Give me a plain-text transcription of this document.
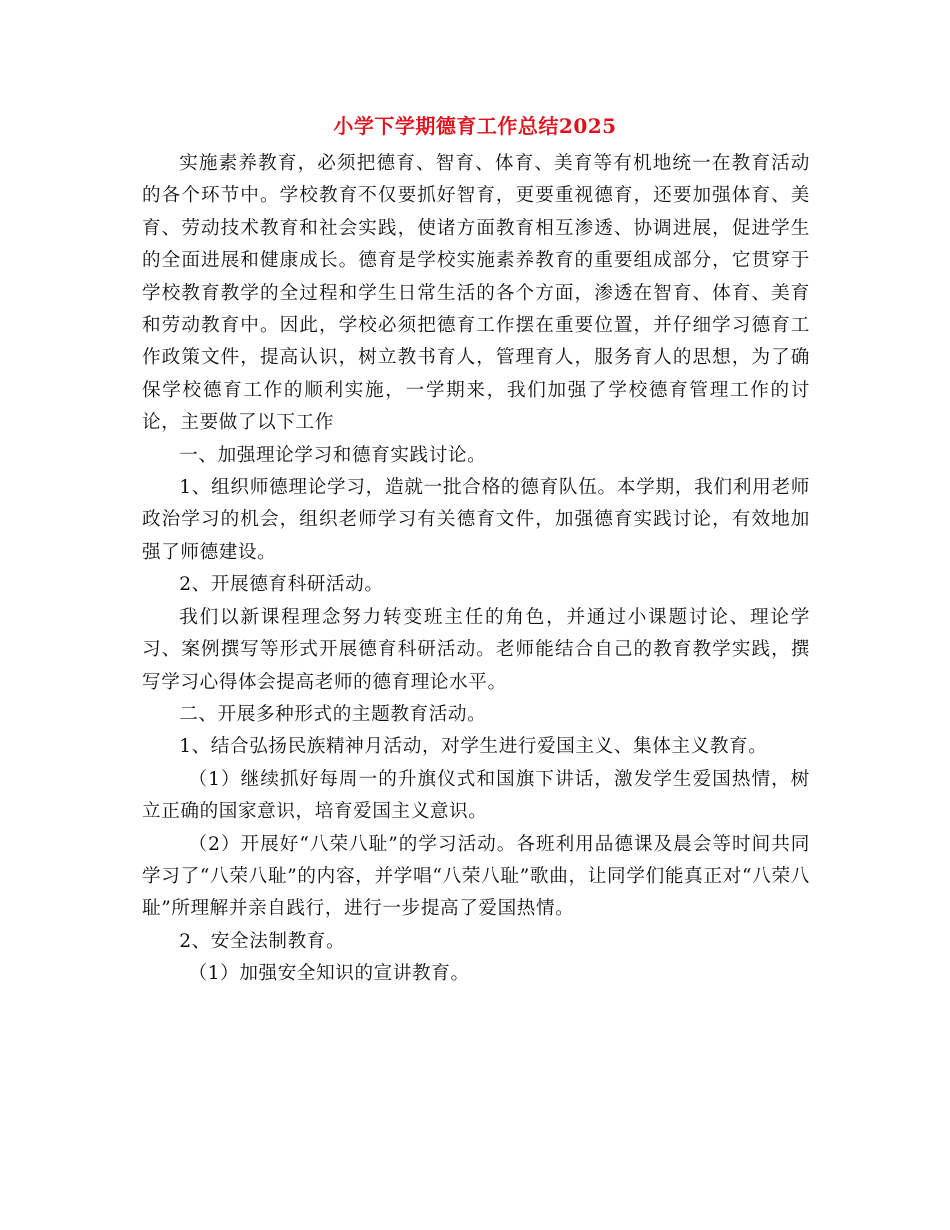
小学下学期德育工作总结2025

实施素养教育，必须把德育、智育、体育、美育等有机地统一在教育活动的各个环节中。学校教育不仅要抓好智育，更要重视德育，还要加强体育、美育、劳动技术教育和社会实践，使诸方面教育相互渗透、协调进展，促进学生的全面进展和健康成长。德育是学校实施素养教育的重要组成部分，它贯穿于学校教育教学的全过程和学生日常生活的各个方面，渗透在智育、体育、美育和劳动教育中。因此，学校必须把德育工作摆在重要位置，并仔细学习德育工作政策文件，提高认识，树立教书育人，管理育人，服务育人的思想，为了确保学校德育工作的顺利实施，一学期来，我们加强了学校德育管理工作的讨论，主要做了以下工作

一、加强理论学习和德育实践讨论。

1、组织师德理论学习，造就一批合格的德育队伍。本学期，我们利用老师政治学习的机会，组织老师学习有关德育文件，加强德育实践讨论，有效地加强了师德建设。

2、开展德育科研活动。

我们以新课程理念努力转变班主任的角色，并通过小课题讨论、理论学习、案例撰写等形式开展德育科研活动。老师能结合自己的教育教学实践，撰写学习心得体会提高老师的德育理论水平。

二、开展多种形式的主题教育活动。

1、结合弘扬民族精神月活动，对学生进行爱国主义、集体主义教育。

（1）继续抓好每周一的升旗仪式和国旗下讲话，激发学生爱国热情，树立正确的国家意识，培育爱国主义意识。

（2）开展好“八荣八耻”的学习活动。各班利用品德课及晨会等时间共同学习了“八荣八耻”的内容，并学唱“八荣八耻”歌曲，让同学们能真正对“八荣八耻”所理解并亲自践行，进行一步提高了爱国热情。

2、安全法制教育。

（1）加强安全知识的宣讲教育。
